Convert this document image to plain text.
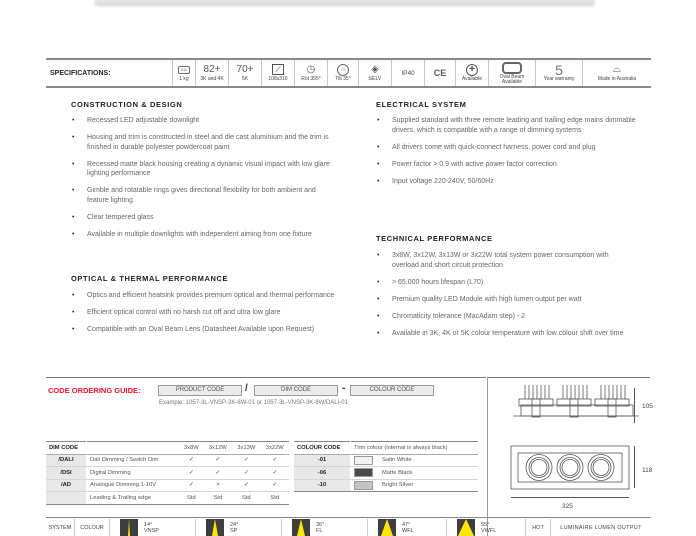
SPECIFICATIONS:
KG
1 kg
82+
3K and 4K
70+
5K
⟋
108x310
◷
Rot 355°
⌂
Tilt 35°
◈
SELV
IP40 CE	✚
Available	Oval Beam Available
5
Year warranty
⌓
Made in Australia
CONSTRUCTION & DESIGN
• Recessed LED adjustable downlight
• Housing and trim is constructed in steel and die cast aluminium and the trim is finished in durable polyester powdercoat paint
• Recessed matte black housing creating a dynamic visual impact with low glare lighting performance
• Gimble and rotatable rings gives directional flexibility for both ambient and feature lighting
• Clear tempered glass
• Available in multiple downlights with independent aiming from one fixture
OPTICAL & THERMAL PERFORMANCE
• Optics and efficient heatsink provides premium optical and thermal performance
• Efficient optical control with no harsh cut off and ultra low glare
• Compatible with an Oval Beam Lens (Datasheet Available upon Request)
ELECTRICAL SYSTEM
• Supplied standard with three remote leading and trailing edge mains dimmable drivers, which is compatible with a range of dimming systems
• All drivers come with quick-connect harness, power cord and plug
• Power factor > 0.9 with active power factor correction
• Input voltage 220-240V, 50/60Hz
TECHNICAL PERFORMANCE
• 3x8W, 3x12W, 3x13W or 3x22W total system power consumption with overload and short circuit protection
• > 65,000 hours lifespan (L70)
• Premium quality LED Module with high lumen output per watt
• Chromaticity tolerance (MacAdam step) - 2
• Available in 3K, 4K or 5K colour temperature with low colour shift over time
CODE ORDERING GUIDE:	PRODUCT CODE	/	DIM CODE	-	COLOUR CODE
Example: 1057-3L-VNSP-3K-8W-01 or 1057-3L-VNSP-3K-8W/DALI-01
DIM CODE		3x8W	3x12W	3x13W	3x22W
/DALI	Dali Dimming / Switch Dim	✓	✓	✓	✓
/DSI	Digital Dimming	✓	✓	✓	✓
/AD	Analogue Dimming 1-10V	✓	×	✓	✓
	Leading & Trailing edge	Std	Std	Std	Std
COLOUR CODE	Trim colour (internal is always black)	
-01		Satin White
-06		Matte Black
-10		Bright Silver
105
118
325
SYSTEM	COLOUR	14°
VNSP
24°
SP
36°
FL
47°
WFL
55°
VWFL	HOT	LUMINAIRE LUMEN OUTPUT
